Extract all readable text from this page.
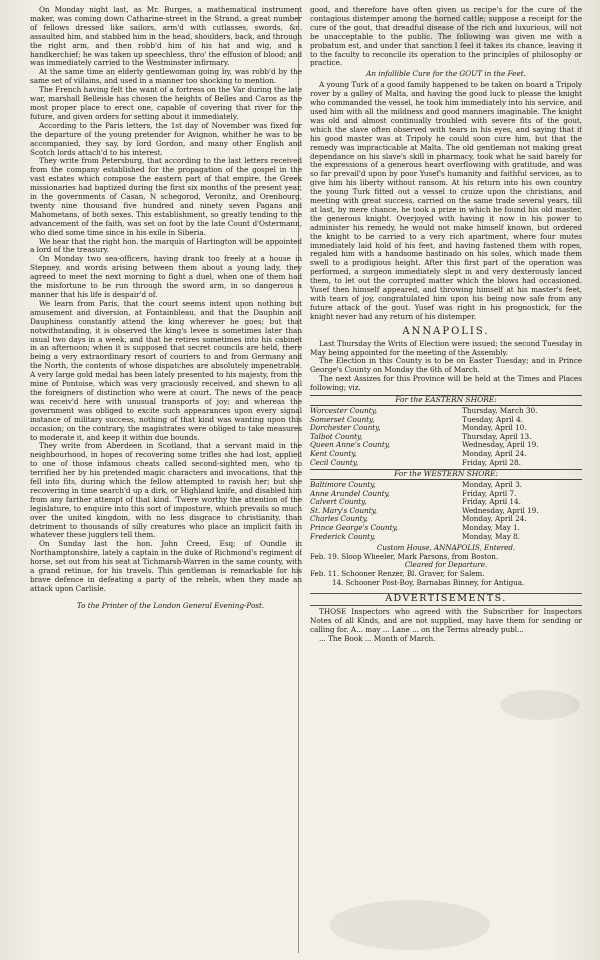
On Monday night last, as Mr. Burges, a mathematical instrument maker, was coming down Catharine-street in the Strand, a great number of fellows dressed like sailors, arm'd with cutlasses, swords, &c. assaulted him, and stabbed him in the head, shoulders, back, and through the right arm, and then robb'd him of his hat and wig, and a handkerchief; he was taken up speechless, thro' the effusion of blood; and was immediately carried to the Westminster infirmary.

At the same time an elderly gentlewoman going by, was robb'd by the same set of villains, and used in a manner too shocking to mention.

The French having felt the want of a fortress on the Var during the late war, marshall Belleisle has chosen the heights of Belles and Caros as the most proper place to erect one, capable of covering that river for the future, and given orders for setting about it immediately.

According to the Paris letters, the 1st day of November was fixed for the departure of the young pretender for Avignon, whither he was to be accompanied, they say, by lord Gordon, and many other English and Scotch lords attach'd to his interest.

They write from Petersburg, that according to the last letters received from the company established for the propagation of the gospel in the vast estates which compose the eastern part of that empire, the Greek missionaries had baptized during the first six months of the present year, in the governments of Casan, N schegorod, Veronitz, and Orenbourg, twenty nine thousand five hundred and ninety seven Pagans and Mahometans, of both sexes. This establishment, so greatly tending to the advancement of the faith, was set on foot by the late Count d'Ostermann, who died some time since in his exile in Siberia.

We hear that the right hon. the marquis of Hartington will be appointed a lord of the treasury.

On Monday two sea-officers, having drank too freely at a house in Stepney, and words arising between them about a young lady, they agreed to meet the next morning to fight a duel, when one of them had the misfortune to be run through the sword arm, in so dangerous a manner that his life is despair'd of.

We learn from Paris, that the court seems intent upon nothing but amusement and diversion, at Fontainbleau, and that the Dauphin and Dauphiness constantly attend the king wherever he goes; but that notwithstanding, it is observed the king's levee is sometimes later than usual two days in a week, and that he retires sometimes into his cabinet in an afternoon; when it is supposed that secret councils are held, there being a very extraordinary resort of couriers to and from Germany and the North, the contents of whose dispatches are absolutely impenetrable. A very large gold medal has been lately presented to his majesty, from the mine of Pontoise, which was very graciously received, and shewn to all the foreigners of distinction who were at court. The news of the peace was receiv'd here with unusual transports of joy; and whereas the government was obliged to excite such appearances upon every signal instance of military success, nothing of that kind was wanting upon this occasion; on the contrary, the magistrates were obliged to take measures to moderate it, and keep it within due bounds.

They write from Aberdeen in Scotland, that a servant maid in the neighbourhood, in hopes of recovering some trifles she had lost, applied to one of those infamous cheats called second-sighted men, who to terrified her by his pretended magic characters and invocations, that the fell into fits, during which the fellow attempted to ravish her; but she recovering in time search'd up a dirk, or Highland knife, and disabled him from any farther attempt of that kind. 'Twere worthy the attention of the legislature, to enquire into this sort of imposture, which prevails so much over the united kingdom, with no less disgrace to christianity, than detriment to thousands of silly creatures who place an implicit faith in whatever these jugglers tell them.

On Sunday last the hon. John Creed, Esq; of Oundle in Northamptonshire, lately a captain in the duke of Richmond's regiment of horse, set out from his seat at Tichmarsh-Warren in the same county, with a grand retinue, for his travels. This gentleman is remarkable for his brave defence in defeating a party of the rebels, when they made an attack upon Carlisle.

To the Printer of the London General Evening-Post.

good, and therefore have often given us recipe's for the cure of the contagious distemper among the horned cattle; suppose a receipt for the cure of the gout, that dreadful disease of the rich and luxurious, will not be unacceptable to the public. The following was given me with a probatum est, and under that sanction I feel it takes its chance, leaving it to the faculty to reconcile its operation to the principles of philosophy or practice.

An infallible Cure for the GOUT in the Feet.

A young Turk of a good family happened to be taken on board a Tripoly rover by a galley of Malta, and having the good luck to please the knight who commanded the vessel, he took him immediately into his service, and used him with all the mildness and good manners imaginable. The knight was old and almost continually troubled with severe fits of the gout, which the slave often observed with tears in his eyes, and saying that if his good master was at Tripoly he could soon cure him, but that the remedy was impracticable at Malta. The old gentleman not making great dependance on his slave's skill in pharmacy, took what he said barely for the expressions of a generous heart overflowing with gratitude, and was so far prevail'd upon by poor Yusef's humanity and faithful services, as to give him his liberty without ransom. At his return into his own country the young Turk fitted out a vessel to cruize upon the christians, and meeting with great success, carried on the same trade several years, till at last, by mere chance, he took a prize in which he found his old master, the generous knight. Overjoyed with having it now in his power to administer his remedy, he would not make himself known, but ordered the knight to be carried to a very rich apartment, where four mutes immediately laid hold of his feet, and having fastened them with ropes, regaled him with a handsome bastinado on his soles, which made them swell to a prodigious height. After this first part of the operation was performed, a surgeon immediately slept in and very dexterously lanced them, to let out the corrupted matter which the blows had occasioned. Yusef then himself appeared, and throwing himself at his master's feet, with tears of joy, congratulated him upon his being now safe from any future attack of the gout. Yusef was right in his prognostick, for the knight never had any return of his distemper.

ANNAPOLIS.

Last Thursday the Writs of Election were issued; the second Tuesday in May being appointed for the meeting of the Assembly.

The Election in this County is to be on Easter Tuesday; and in Prince George's County on Monday the 6th of March.

The next Assizes for this Province will be held at the Times and Places following; viz.

For the EASTERN SHORE:
Worcester County,	Thursday, March 30.
Somerset County,	Tuesday, April 4.
Dorchester County,	Monday, April 10.
Talbot County,	Thursday, April 13.
Queen Anne's County,	Wednesday, April 19.
Kent County,	Monday, April 24.
Cecil County,	Friday, April 28.
For the WESTERN SHORE:
Baltimore County,	Monday, April 3.
Anne Arundel County,	Friday, April 7.
Calvert County,	Friday, April 14.
St. Mary's County,	Wednesday, April 19.
Charles County,	Monday, April 24.
Prince George's County,	Monday, May 1.
Frederick County,	Monday, May 8.
Custom House, ANNAPOLIS, Entered.
Feb. 19. Sloop Wheeler, Mark Parsons, from Boston.
Cleared for Departure.
Feb. 11. Schooner Renzer, Bl. Graver, for Salem.
14. Schooner Post-Boy, Barnabas Binney, for Antigua.
ADVERTISEMENTS.

THOSE Inspectors who agreed with the Subscriber for Inspectors Notes of all Kinds, and are not supplied, may have them for sending or calling for. A... may ... Lane ... on the Terms already publ...

... The Book ... Month of March.
